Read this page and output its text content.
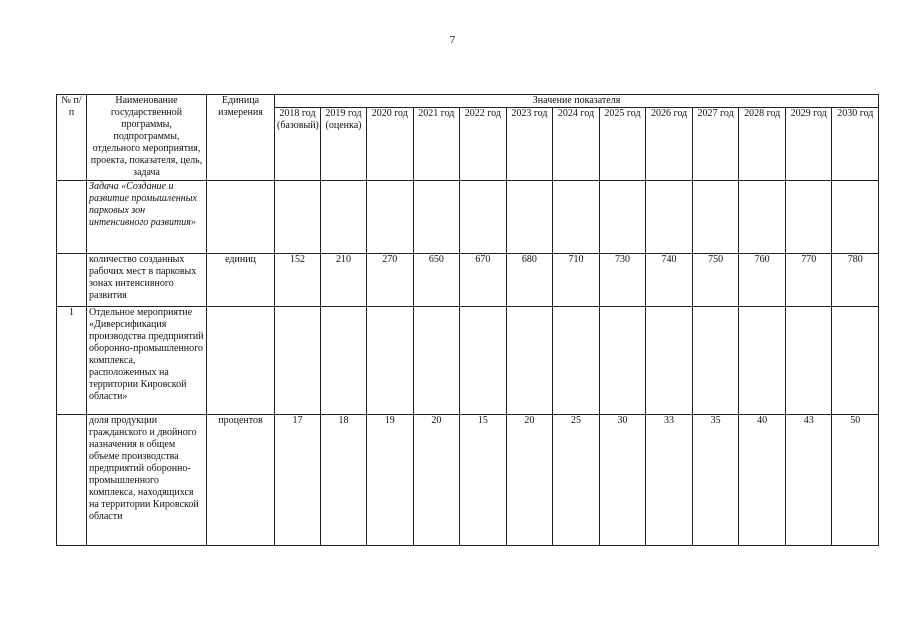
7
№ п/п	Наименование государственной программы, подпрограммы, отдельного мероприятия, проекта, показателя, цель, задача	Единица измерения	Значение показателя												
			2018 год (базовый)	2019 год (оценка)	2020 год	2021 год	2022 год	2023 год	2024 год	2025 год	2026 год	2027 год	2028 год	2029 год	2030 год
	Задача «Создание и развитие промышленных парковых зон интенсивного развития»														
	количество созданных рабочих мест в парковых зонах интенсивного развития	единиц	152	210	270	650	670	680	710	730	740	750	760	770	780
1	Отдельное мероприятие «Диверсификация производства предприятий оборонно-промышленного комплекса, расположенных на территории Кировской области»														
	доля продукции гражданского и двойного назначения в общем объеме производства предприятий оборонно-промышленного комплекса, находящихся на территории Кировской области	процентов	17	18	19	20	15	20	25	30	33	35	40	43	50
